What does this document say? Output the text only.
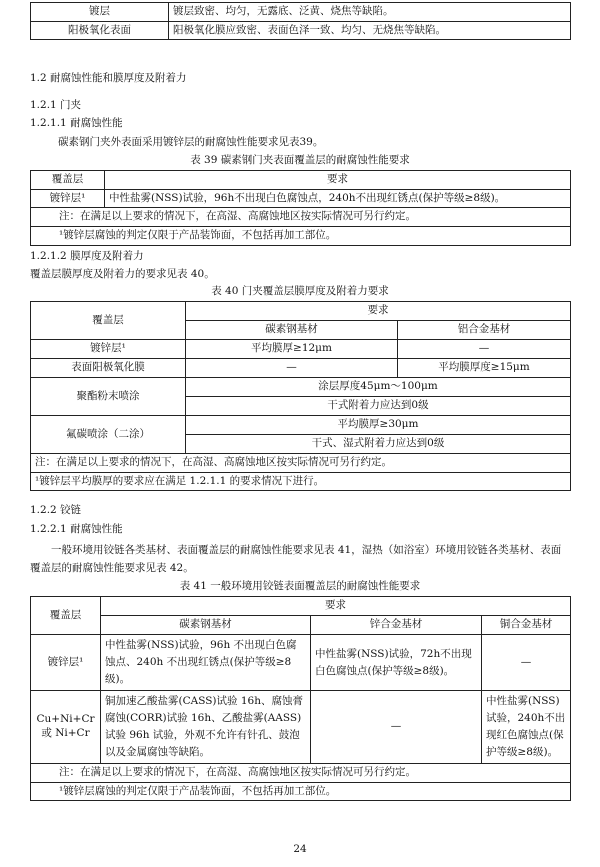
镀层	镀层致密、均匀，无露底、泛黄、烧焦等缺陷。
阳极氧化表面	阳极氧化膜应致密、表面色泽一致、均匀、无烧焦等缺陷。
1.2 耐腐蚀性能和膜厚度及附着力
1.2.1 门夹
1.2.1.1 耐腐蚀性能
碳素钢门夹外表面采用镀锌层的耐腐蚀性能要求见表39。
表 39 碳素钢门夹表面覆盖层的耐腐蚀性能要求
覆盖层	要求
镀锌层¹	中性盐雾(NSS)试验，96h不出现白色腐蚀点，240h不出现红锈点(保护等级≥8级)。
注：在满足以上要求的情况下，在高湿、高腐蚀地区按实际情况可另行约定。	
¹镀锌层腐蚀的判定仅限于产品装饰面，不包括再加工部位。	
1.2.1.2 膜厚度及附着力
覆盖层膜厚度及附着力的要求见表 40。
表 40 门夹覆盖层膜厚度及附着力要求
覆盖层	要求	
	碳素钢基材	铝合金基材
镀锌层¹	平均膜厚≥12μm	—
表面阳极氧化膜	—	平均膜厚度≥15μm
聚酯粉末喷涂	涂层厚度45μm～100μm	
	干式附着力应达到0级	
氟碳喷涂（二涂）	平均膜厚≥30μm	
	干式、湿式附着力应达到0级	
注：在满足以上要求的情况下，在高湿、高腐蚀地区按实际情况可另行约定。		
¹镀锌层平均膜厚的要求应在满足 1.2.1.1 的要求情况下进行。		
1.2.2 铰链
1.2.2.1 耐腐蚀性能
一般环境用铰链各类基材、表面覆盖层的耐腐蚀性能要求见表 41，湿热（如浴室）环境用铰链各类基材、表面覆盖层的耐腐蚀性能要求见表 42。
表 41 一般环境用铰链表面覆盖层的耐腐蚀性能要求
覆盖层	要求		
	碳素钢基材	锌合金基材	铜合金基材
镀锌层¹	中性盐雾(NSS)试验，96h 不出现白色腐蚀点、240h 不出现红锈点(保护等级≥8级)。	中性盐雾(NSS)试验，72h不出现白色腐蚀点(保护等级≥8级)。	—
Cu+Ni+Cr 或 Ni+Cr	铜加速乙酸盐雾(CASS)试验 16h、腐蚀膏腐蚀(CORR)试验 16h、乙酸盐雾(AASS)试验 96h 试验，外观不允许有针孔、鼓泡以及金属腐蚀等缺陷。	—	中性盐雾(NSS)试验，240h不出现红色腐蚀点(保护等级≥8级)。
注：在满足以上要求的情况下，在高湿、高腐蚀地区按实际情况可另行约定。			
¹镀锌层腐蚀的判定仅限于产品装饰面，不包括再加工部位。			
24
